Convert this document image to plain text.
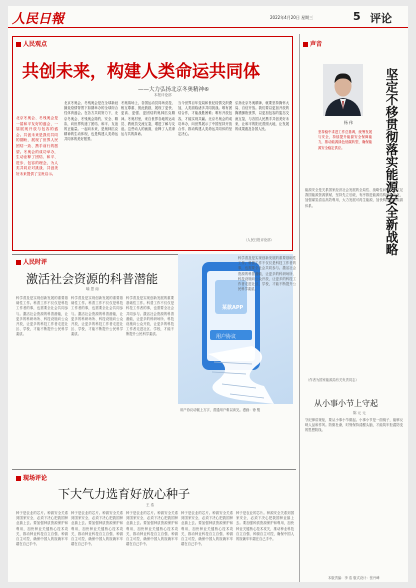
人民日報	2022年4月20日 星期三	5 评论
人民观点
共创未来，构建人类命运共同体
——大力弘扬北京冬奥精神⑥
本报评论部
北京冬奥会、冬残奥会是一届和平友好的盛会，一届展现开放与包容的盛会。共创未来是我们共同的期盼，展现了世界人民团结一致、携手前行的愿望。冬奥会的成功举办，生动诠释了团结、和平、进步、包容的理念，为人类共同应对挑战、共创美好未来提供了宝贵启示。
北京冬奥会、冬残奥会是在全球新冠肺炎疫情背景下如期举办的全球综合性体育盛会。在各方共同努力下，北京冬奥会、冬残奥会简约、安全、精彩，向世界传递了团结、和平、友谊的正能量。一起向未来，是奥林匹克精神的生动体现，也是构建人类命运共同体的美好愿景。
冬奥赛场上，各国运动员同场竞技、相互尊重、彼此鼓励，展现了更快、更高、更强、更团结的奥林匹克精神。冬奥村里，来自世界各地的运动员、教练员交流互鉴，增进了解与友谊。这些动人的画面，诠释了人类命运与共的真谛。
当今世界百年变局和世纪疫情交织叠加，人类面临诸多共同挑战。唯有团结合作，才能战胜困难；唯有开放包容，才能实现共赢。北京冬奥会的成功举办，向世界展示了中国坚持开放合作、推动构建人类命运共同体的坚定决心。
弘扬北京冬奥精神，就要坚持胸怀大局、自信开放。我们要以更加开放的胸襟拥抱世界，以更加包容的姿态交流互鉴，与各国人民携手共创美好未来，让和平的阳光普照大地，让发展的成果惠及各国人民。
（人民日报评论部）
声音
杨 伟
坚持稳中求进工作总基调，统筹发展与安全，持续提升能源安全保障能力，推动能源绿色低碳转型，确保能源安全稳定供应。	坚定不移贯彻落实能源安全新战略
能源安全是关系国家经济社会发展的全局性、战略性问题。要立足我国能源资源禀赋，坚持先立后破，有序推进能源结构调整优化，加强煤炭清洁高效利用，大力发展可再生能源，加快构建新型能源体系。
（作者为国家能源局有关负责同志）
人民时评
激活社会资源的科普潜能
喻 思 南
科学普及是实现创新发展的重要基础性工作。科普工作不仅仅是科技工作者的事，也需要全社会共同参与。激活社会资源的科普潜能，让更多的科研场所、科技设施向公众开放，让更多的科技工作者走进社区、学校，才能不断提升公民科学素质。
科学普及是实现创新发展的重要基础性工作。科普工作不仅仅是科技工作者的事，也需要全社会共同参与。激活社会资源的科普潜能，让更多的科研场所、科技设施向公众开放，让更多的科技工作者走进社区、学校，才能不断提升公民科学素质。
科学普及是实现创新发展的重要基础性工作。科普工作不仅仅是科技工作者的事，也需要全社会共同参与。激活社会资源的科普潜能，让更多的科研场所、科技设施向公众开放，让更多的科技工作者走进社区、学校，才能不断提升公民科学素质。
某款APP
用户协议
用户协议动辄上万字，普通用户难以读完。漫画：徐 骏
科学普及是实现创新发展的重要基础性工作。科普工作不仅仅是科技工作者的事，也需要全社会共同参与。激活社会资源的科普潜能，让更多的科研场所、科技设施向公众开放，让更多的科技工作者走进社区、学校，才能不断提升公民科学素质。
从小事小节上守起
陈 元 元
守纪律讲规矩，要从小事小节做起。小事小节是一面镜子，能够反映人品和作风。防微杜渐，时刻保持清醒头脑，才能筑牢拒腐防变的思想防线。
现场评论
下大气力选育好放心种子
王 浩
种子是农业的芯片。种源安全关系到国家安全，必须下决心把我国种业搞上去。要加强种质资源保护和利用，加快种业关键核心技术攻关，推动种业科技自立自强、种源自主可控，确保中国人的饭碗牢牢端在自己手中。
种子是农业的芯片。种源安全关系到国家安全，必须下决心把我国种业搞上去。要加强种质资源保护和利用，加快种业关键核心技术攻关，推动种业科技自立自强、种源自主可控，确保中国人的饭碗牢牢端在自己手中。
种子是农业的芯片。种源安全关系到国家安全，必须下决心把我国种业搞上去。要加强种质资源保护和利用，加快种业关键核心技术攻关，推动种业科技自立自强、种源自主可控，确保中国人的饭碗牢牢端在自己手中。
种子是农业的芯片。种源安全关系到国家安全，必须下决心把我国种业搞上去。要加强种质资源保护和利用，加快种业关键核心技术攻关，推动种业科技自立自强、种源自主可控，确保中国人的饭碗牢牢端在自己手中。
种子是农业的芯片。种源安全关系到国家安全，必须下决心把我国种业搞上去。要加强种质资源保护和利用，加快种业关键核心技术攻关，推动种业科技自立自强、种源自主可控，确保中国人的饭碗牢牢端在自己手中。
本版责编：李 浩 版式设计：张丹峰
